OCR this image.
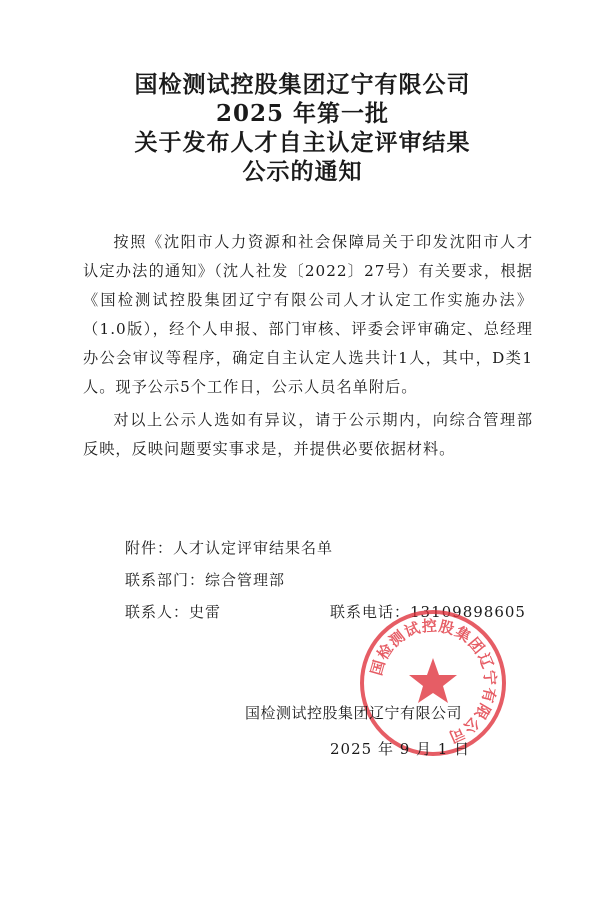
国检测试控股集团辽宁有限公司
2025 年第一批
关于发布人才自主认定评审结果
公示的通知

按照《沈阳市人力资源和社会保障局关于印发沈阳市人才认定办法的通知》（沈人社发〔2022〕27号）有关要求，根据《国检测试控股集团辽宁有限公司人才认定工作实施办法》（1.0版），经个人申报、部门审核、评委会评审确定、总经理办公会审议等程序，确定自主认定人选共计1人，其中，D类1人。现予公示5个工作日，公示人员名单附后。

对以上公示人选如有异议，请于公示期内，向综合管理部反映，反映问题要实事求是，并提供必要依据材料。

附件：人才认定评审结果名单
联系部门：综合管理部
联系人：史雷	联系电话：13109898605
国检测试控股集团辽宁有限公司
国检测试控股集团辽宁有限公司
2025 年 9 月 1 日
